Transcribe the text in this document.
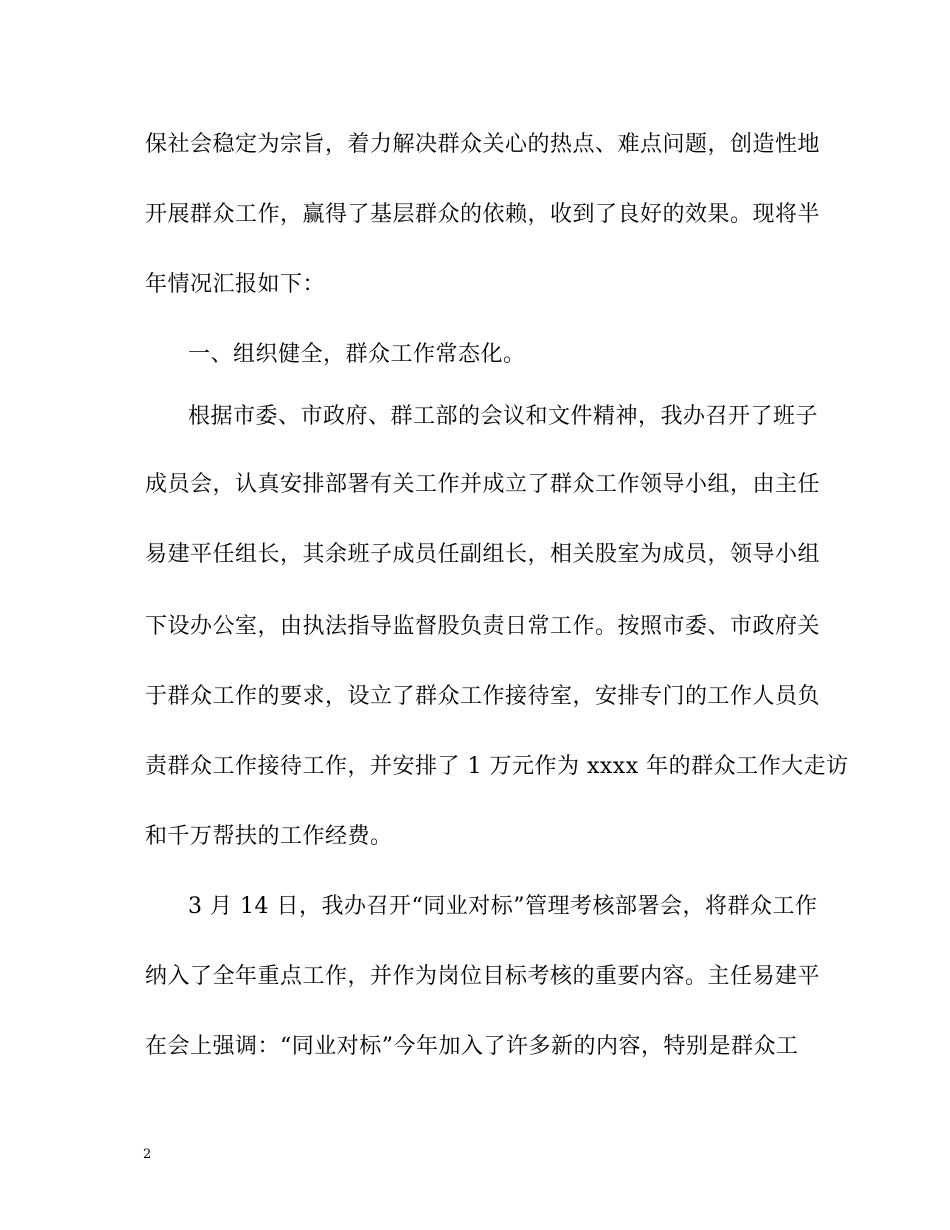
保社会稳定为宗旨，着力解决群众关心的热点、难点问题，创造性地
开展群众工作，赢得了基层群众的依赖，收到了良好的效果。现将半
年情况汇报如下：
一、组织健全，群众工作常态化。
根据市委、市政府、群工部的会议和文件精神，我办召开了班子
成员会，认真安排部署有关工作并成立了群众工作领导小组，由主任
易建平任组长，其余班子成员任副组长，相关股室为成员，领导小组
下设办公室，由执法指导监督股负责日常工作。按照市委、市政府关
于群众工作的要求，设立了群众工作接待室，安排专门的工作人员负
责群众工作接待工作，并安排了 1 万元作为 xxxx 年的群众工作大走访
和千万帮扶的工作经费。
3 月 14 日，我办召开“同业对标”管理考核部署会，将群众工作
纳入了全年重点工作，并作为岗位目标考核的重要内容。主任易建平
在会上强调：“同业对标”今年加入了许多新的内容，特别是群众工
2
